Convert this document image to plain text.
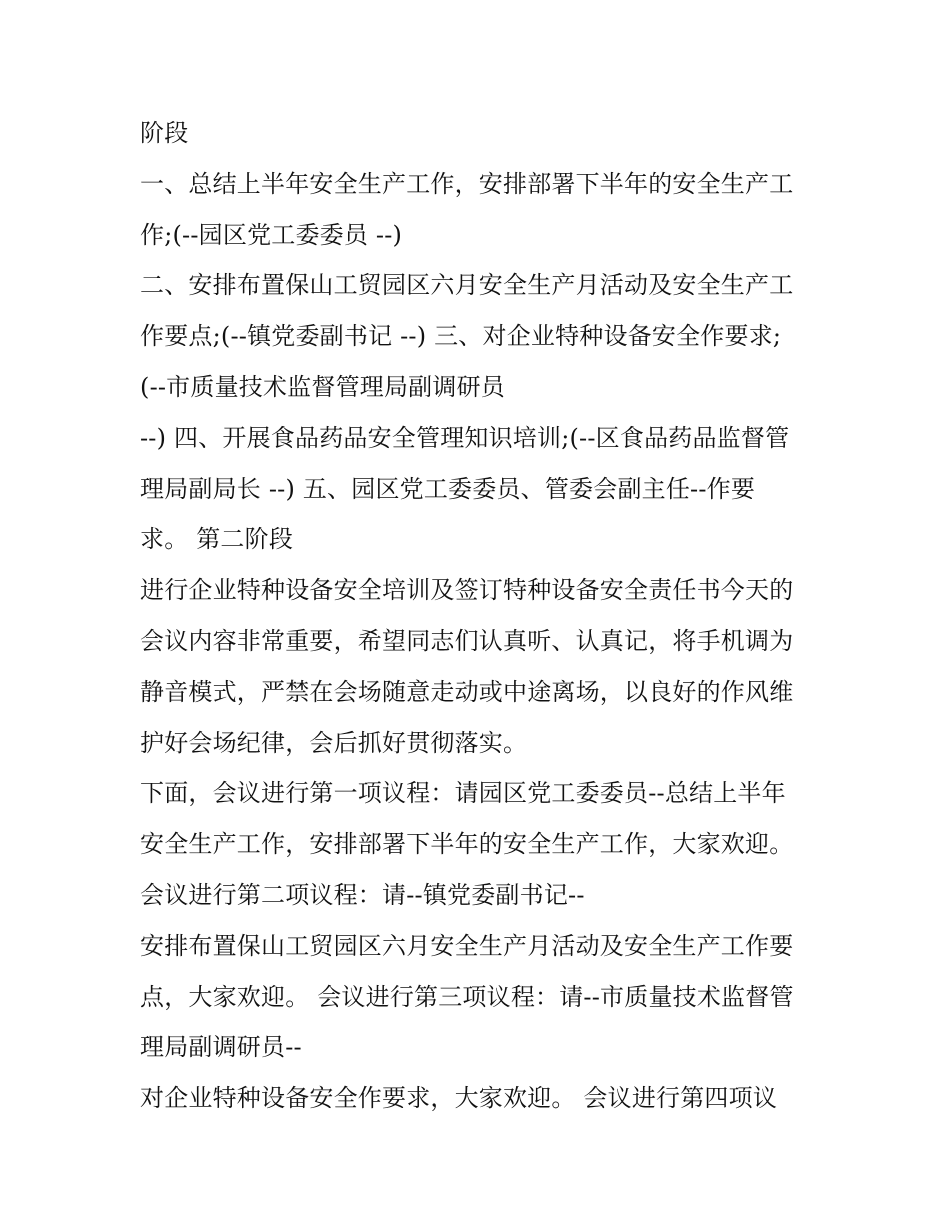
阶段
一、总结上半年安全生产工作，安排部署下半年的安全生产工
作;(--园区党工委委员 --)
二、安排布置保山工贸园区六月安全生产月活动及安全生产工
作要点;(--镇党委副书记 --) 三、对企业特种设备安全作要求;
(--市质量技术监督管理局副调研员
--) 四、开展食品药品安全管理知识培训;(--区食品药品监督管
理局副局长 --) 五、园区党工委委员、管委会副主任--作要
求。 第二阶段
进行企业特种设备安全培训及签订特种设备安全责任书今天的
会议内容非常重要，希望同志们认真听、认真记，将手机调为
静音模式，严禁在会场随意走动或中途离场，以良好的作风维
护好会场纪律，会后抓好贯彻落实。
下面，会议进行第一项议程：请园区党工委委员--总结上半年
安全生产工作，安排部署下半年的安全生产工作，大家欢迎。
会议进行第二项议程：请--镇党委副书记--
安排布置保山工贸园区六月安全生产月活动及安全生产工作要
点，大家欢迎。 会议进行第三项议程：请--市质量技术监督管
理局副调研员--
对企业特种设备安全作要求，大家欢迎。 会议进行第四项议
